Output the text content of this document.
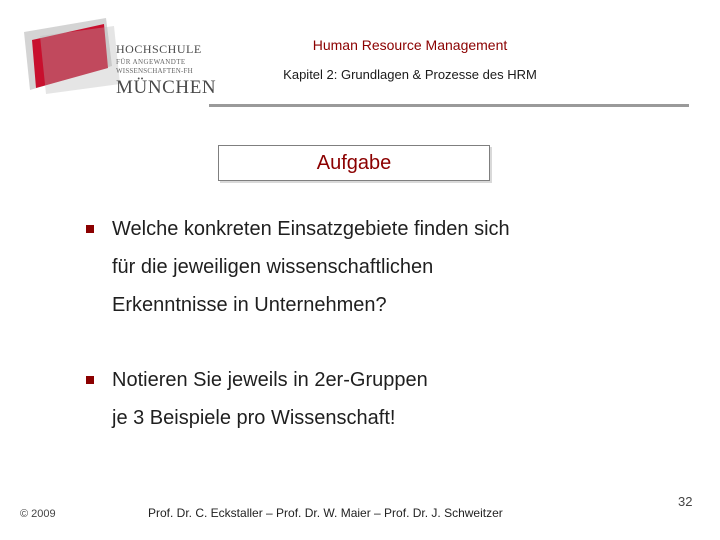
HOCHSCHULE
FÜR ANGEWANDTE
WISSENSCHAFTEN-FH
MÜNCHEN
Human Resource Management
Kapitel 2: Grundlagen & Prozesse des HRM
Aufgabe
Welche konkreten Einsatzgebiete finden sich
für die jeweiligen wissenschaftlichen
Erkenntnisse in Unternehmen?
Notieren Sie jeweils in 2er-Gruppen
je 3 Beispiele pro Wissenschaft!
© 2009	Prof. Dr. C. Eckstaller – Prof. Dr. W. Maier – Prof. Dr. J. Schweitzer
32
